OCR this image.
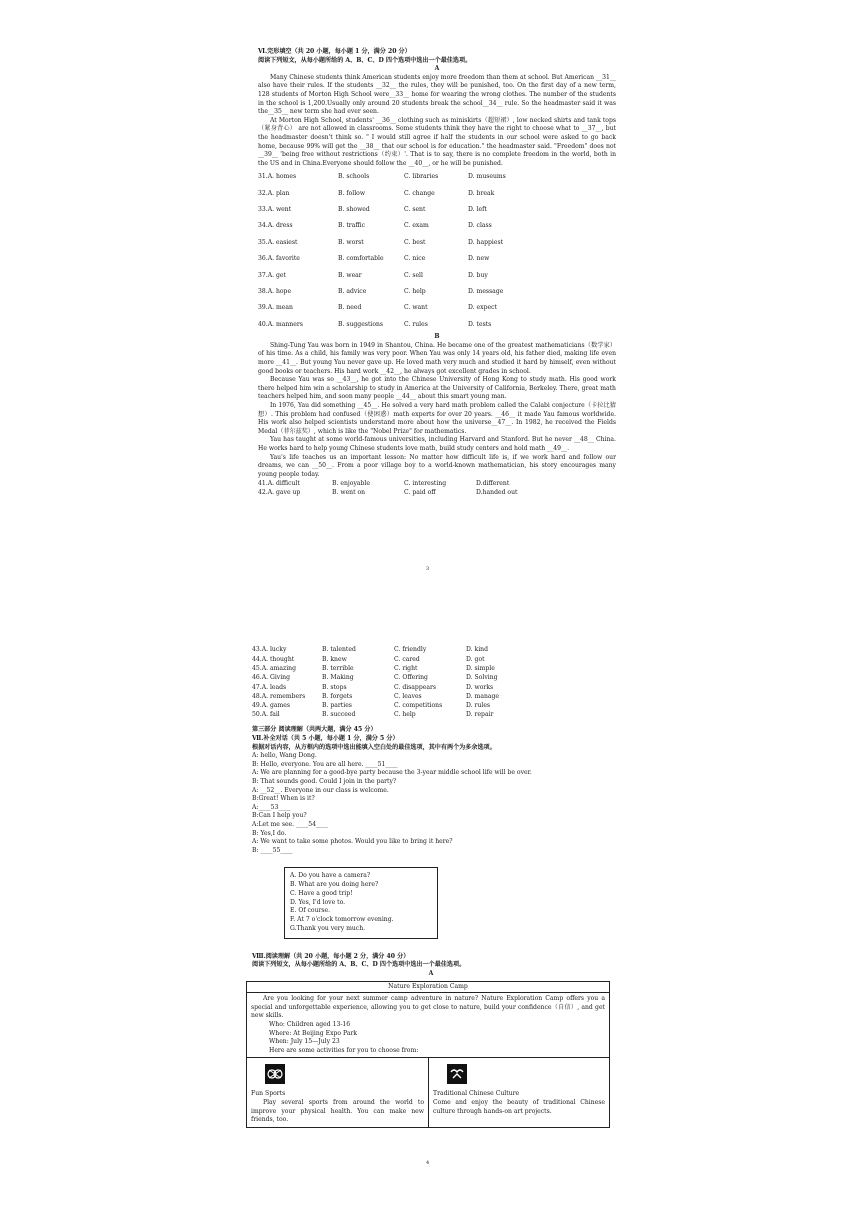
Ⅵ.完形填空（共 20 小题，每小题 1 分，满分 20 分）
阅读下列短文，从每小题所给的 A、B、C、D 四个选项中选出一个最佳选项。
A

Many Chinese students think American students enjoy more freedom than them at school. But American __31__ also have their rules. If the students __32__ the rules, they will be punished, too. On the first day of a new term, 128 students of Morton High School were__33__ home for wearing the wrong clothes. The number of the students in the school is 1,200.Usually only around 20 students break the school__34__ rule. So the headmaster said it was the__35__ new term she had ever seen.

At Morton High School, students' __36__ clothing such as miniskirts（超短裙）, low necked shirts and tank tops（紧身背心） are not allowed in classrooms. Some students think they have the right to choose what to __37__, but the headmaster doesn't think so. " I would still agree if half the students in our school were asked to go back home, because 99% will get the __38__ that our school is for education." the headmaster said. "Freedom" does not __39__ 'being free without restrictions（约束）'. That is to say, there is no complete freedom in the world, both in the US and in China.Everyone should follow the __40__, or he will be punished.

31.A. homes	B. schools	C. libraries	D. museums
32.A. plan	B. follow	C. change	D. break
33.A. went	B. showed	C. sent	D. left
34.A. dress	B. traffic	C. exam	D. class
35.A. easiest	B. worst	C. best	D. happiest
36.A. favorite	B. comfortable	C. nice	D. new
37.A. get	B. wear	C. sell	D. buy
38.A. hope	B. advice	C. help	D. message
39.A. mean	B. need	C. want	D. expect
40.A. manners	B. suggestions	C. rules	D. tests
B

Shing-Tung Yau was born in 1949 in Shantou, China. He became one of the greatest mathematicians（数学家）of his time. As a child, his family was very poor. When Yau was only 14 years old, his father died, making life even more __41__. But young Yau never gave up. He loved math very much and studied it hard by himself, even without good books or teachers. His hard work __42__, he always got excellent grades in school.

Because Yau was so __43__, he got into the Chinese University of Hong Kong to study math. His good work there helped him win a scholarship to study in America at the University of California, Berkeley. There, great math teachers helped him, and soon many people __44__ about this smart young man.

In 1976, Yau did something __45__. He solved a very hard math problem called the Calabi conjecture（卡拉比猜想）. This problem had confused（使困惑）math experts for over 20 years. __46__ it made Yau famous worldwide. His work also helped scientists understand more about how the universe__47__. In 1982, he received the Fields Medal（菲尔兹奖）, which is like the "Nobel Prize" for mathematics.

Yau has taught at some world-famous universities, including Harvard and Stanford. But he never __48__ China. He works hard to help young Chinese students love math, build study centers and hold math __49__.

Yau's life teaches us an important lesson: No matter how difficult life is, if we work hard and follow our dreams, we can __50__. From a poor village boy to a world-known mathematician, his story encourages many young people today.

41.A. difficult	B. enjoyable	C. interesting	D.different
42.A. gave up	B. went on	C. paid off	D.handed out
3
43.A. lucky	B. talented	C. friendly	D. kind
44.A. thought	B. knew	C. cared	D. got
45.A. amazing	B. terrible	C. right	D. simple
46.A. Giving	B. Making	C. Offering	D. Solving
47.A. leads	B. stops	C. disappears	D. works
48.A. remembers	B. forgets	C. leaves	D. manage
49.A. games	B. parties	C. competitions	D. rules
50.A. fail	B. succeed	C. help	D. repair
第三部分 阅读理解（共两大题，满分 45 分）
Ⅶ.补全对话（共 5 小题，每小题 1 分，满分 5 分）
根据对话内容，从方框内的选项中选出能填入空白处的最佳选项，其中有两个为多余选项。
A: hello, Wang Dong.
B: Hello, everyone. You are all here. ____51____
A: We are planning for a good-bye party because the 3-year middle school life will be over.
B: That sounds good. Could I join in the party?
A: __52__. Everyone in our class is welcome.
B:Great! When is it?
A:____53____
B:Can I help you?
A:Let me see. ____54____
B: Yes,I do.
A: We want to take some photos. Would you like to bring it here?
B: ____55____
A. Do you have a camera?
B. What are you doing here?
C. Have a good trip!
D. Yes, I'd love to.
E. Of course.
F. At 7 o'clock tomorrow evening.
G.Thank you very much.
Ⅷ.阅读理解（共 20 小题，每小题 2 分，满分 40 分）
阅读下列短文，从每小题所给的 A、B、C、D 四个选项中选出一个最佳选项。
A
Nature Exploration Camp

Are you looking for your next summer camp adventure in nature? Nature Exploration Camp offers you a special and unforgettable experience, allowing you to get close to nature, build your confidence（自信）, and get new skills.

Who: Children aged 13-16
Where: At Beijing Expo Park
When: July 15—July 23
Here are some activities for you to choose from:
Fun Sports

Play several sports from around the world to improve your physical health. You can make new friends, too.

Traditional Chinese Culture

Come and enjoy the beauty of traditional Chinese culture through hands-on art projects.

4
